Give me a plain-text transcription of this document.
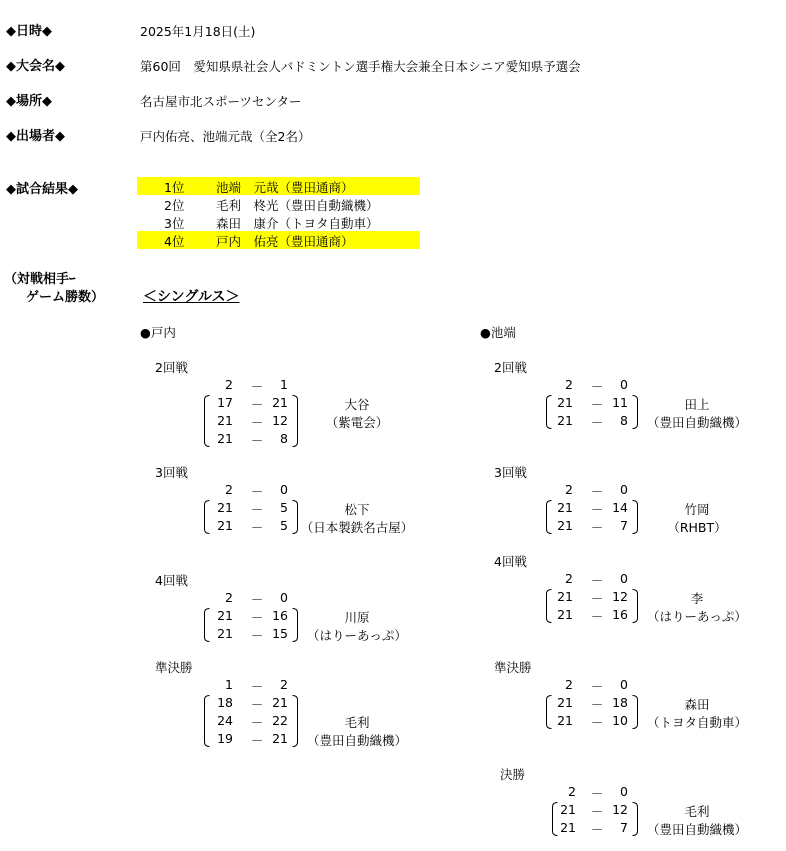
◆日時◆	2025年1月18日(土)
◆大会名◆	第60回　愛知県県社会人バドミントン選手権大会兼全日本シニア愛知県予選会
◆場所◆	名古屋市北スポーツセンター
◆出場者◆	戸内佑亮、池端元哉（全2名）
◆試合結果◆
（対戦相手ｰ
ゲーム勝数）	＜シングルス＞
●戸内	●池端
1位	池端　元哉（豊田通商）
2位	毛利　柊光（豊田自動織機）
3位	森田　康介（トヨタ自動車）
4位	戸内　佑亮（豊田通商）
2回戦
2 －	1
17 － 21
21 － 12
21 －	8
大谷
（紫電会）
3回戦
2 －	0
21 －	5
21 －	5
松下
（日本製鉄名古屋）
4回戦
2 －	0
21 － 16
21 － 15
川原
（はりーあっぷ）
準決勝
1 －	2
18 － 21
24 － 22
19 － 21
毛利
（豊田自動織機）
2回戦
2 －	0
21 － 11
21 －	8
田上
（豊田自動織機）
3回戦
2 －	0
21 － 14
21 －	7
竹岡
（RHBT）
4回戦
2 －	0
21 － 12
21 － 16
李
（はりーあっぷ）
準決勝
2 －	0
21 － 18
21 － 10
森田
（トヨタ自動車）
決勝
2 －	0
21 － 12
21 －	7
毛利
（豊田自動織機）
